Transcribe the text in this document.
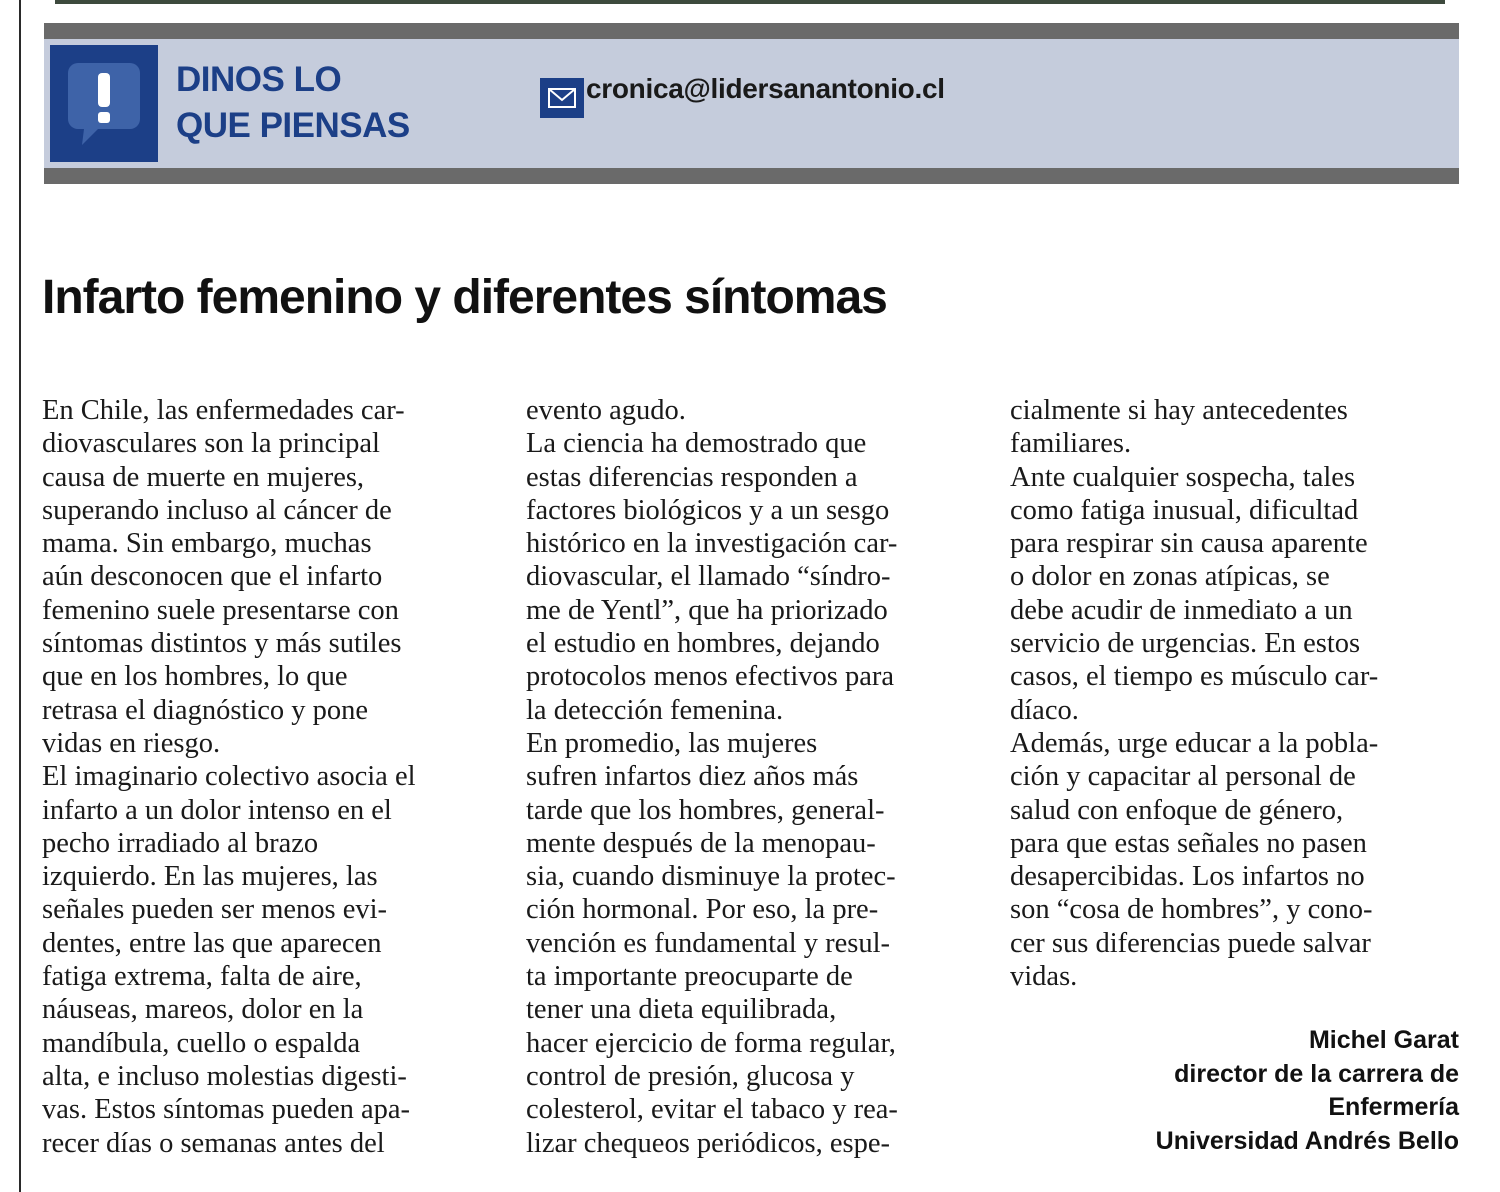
DINOS LO
QUE PIENSAS
cronica@lidersanantonio.cl
Infarto femenino y diferentes síntomas

En Chile, las enfermedades car-

diovasculares son la principal

causa de muerte en mujeres,

superando incluso al cáncer de

mama. Sin embargo, muchas

aún desconocen que el infarto

femenino suele presentarse con

síntomas distintos y más sutiles

que en los hombres, lo que

retrasa el diagnóstico y pone

vidas en riesgo.

El imaginario colectivo asocia el

infarto a un dolor intenso en el

pecho irradiado al brazo

izquierdo. En las mujeres, las

señales pueden ser menos evi-

dentes, entre las que aparecen

fatiga extrema, falta de aire,

náuseas, mareos, dolor en la

mandíbula, cuello o espalda

alta, e incluso molestias digesti-

vas. Estos síntomas pueden apa-

recer días o semanas antes del

evento agudo.

La ciencia ha demostrado que

estas diferencias responden a

factores biológicos y a un sesgo

histórico en la investigación car-

diovascular, el llamado “síndro-

me de Yentl”, que ha priorizado

el estudio en hombres, dejando

protocolos menos efectivos para

la detección femenina.

En promedio, las mujeres

sufren infartos diez años más

tarde que los hombres, general-

mente después de la menopau-

sia, cuando disminuye la protec-

ción hormonal. Por eso, la pre-

vención es fundamental y resul-

ta importante preocuparte de

tener una dieta equilibrada,

hacer ejercicio de forma regular,

control de presión, glucosa y

colesterol, evitar el tabaco y rea-

lizar chequeos periódicos, espe-

cialmente si hay antecedentes

familiares.

Ante cualquier sospecha, tales

como fatiga inusual, dificultad

para respirar sin causa aparente

o dolor en zonas atípicas, se

debe acudir de inmediato a un

servicio de urgencias. En estos

casos, el tiempo es músculo car-

díaco.

Además, urge educar a la pobla-

ción y capacitar al personal de

salud con enfoque de género,

para que estas señales no pasen

desapercibidas. Los infartos no

son “cosa de hombres”, y cono-

cer sus diferencias puede salvar

vidas.

Michel Garat
director de la carrera de
Enfermería
Universidad Andrés Bello
